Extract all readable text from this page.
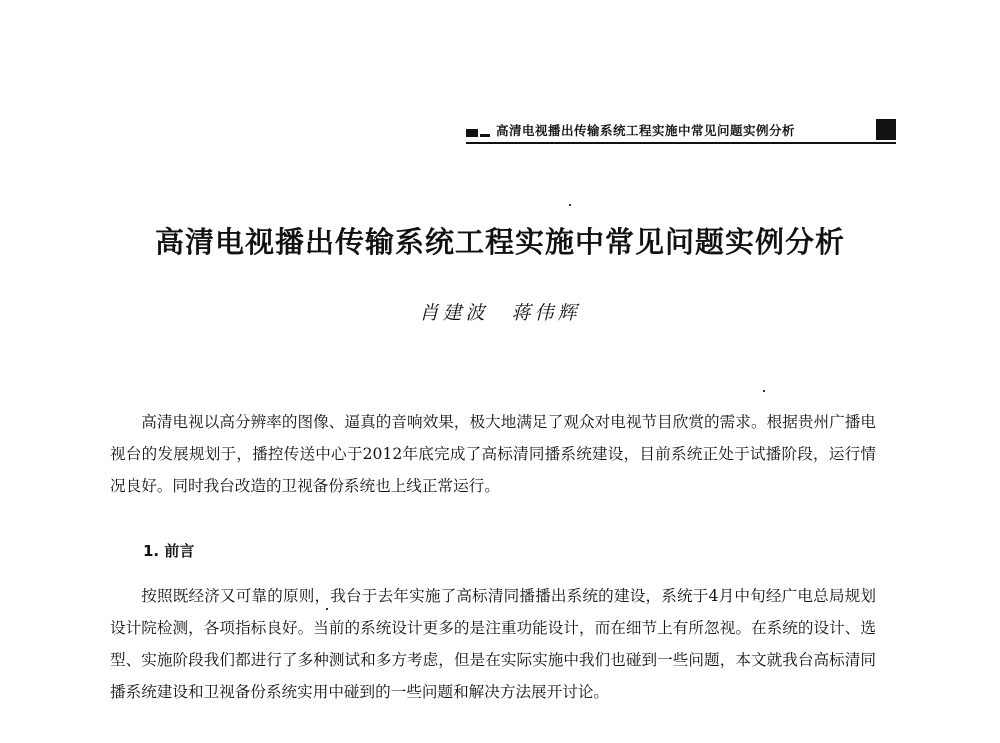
高清电视播出传输系统工程实施中常见问题实例分析
高清电视播出传输系统工程实施中常见问题实例分析

肖建波　蒋伟辉

高清电视以高分辨率的图像、逼真的音响效果，极大地满足了观众对电视节目欣赏的需求。根据贵州广播电视台的发展规划于，播控传送中心于2012年底完成了高标清同播系统建设，目前系统正处于试播阶段，运行情况良好。同时我台改造的卫视备份系统也上线正常运行。

1. 前言

按照既经济又可靠的原则，我台于去年实施了高标清同播播出系统的建设，系统于4月中旬经广电总局规划设计院检测，各项指标良好。当前的系统设计更多的是注重功能设计，而在细节上有所忽视。在系统的设计、选型、实施阶段我们都进行了多种测试和多方考虑，但是在实际实施中我们也碰到一些问题，本文就我台高标清同播系统建设和卫视备份系统实用中碰到的一些问题和解决方法展开讨论。
